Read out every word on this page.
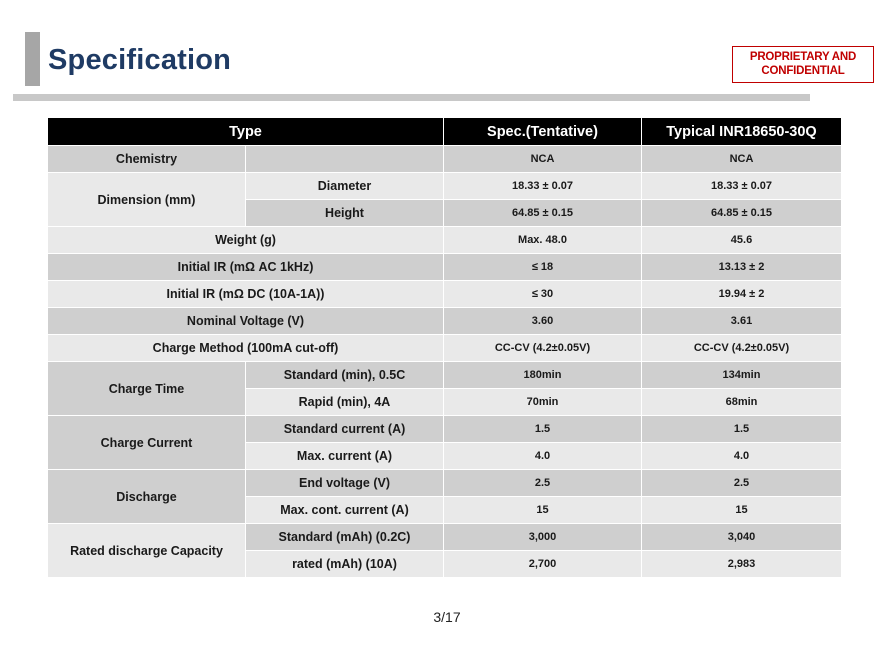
Specification	PROPRIETARY AND
CONFIDENTIAL
Type		Spec.(Tentative)	Typical INR18650-30Q
Chemistry		NCA	NCA
Dimension (mm)	Diameter	18.33 ± 0.07	18.33 ± 0.07
	Height	64.85 ± 0.15	64.85 ± 0.15
Weight (g)		Max. 48.0	45.6
Initial IR (mΩ AC 1kHz)		≤ 18	13.13 ± 2
Initial IR (mΩ DC (10A-1A))		≤ 30	19.94 ± 2
Nominal Voltage (V)		3.60	3.61
Charge Method (100mA cut-off)		CC-CV (4.2±0.05V)	CC-CV (4.2±0.05V)
Charge Time	Standard (min), 0.5C	180min	134min
	Rapid (min), 4A	70min	68min
Charge Current	Standard current (A)	1.5	1.5
	Max. current (A)	4.0	4.0
Discharge	End voltage (V)	2.5	2.5
	Max. cont. current (A)	15	15
Rated discharge Capacity	Standard (mAh) (0.2C)	3,000	3,040
	rated (mAh) (10A)	2,700	2,983
3/17
